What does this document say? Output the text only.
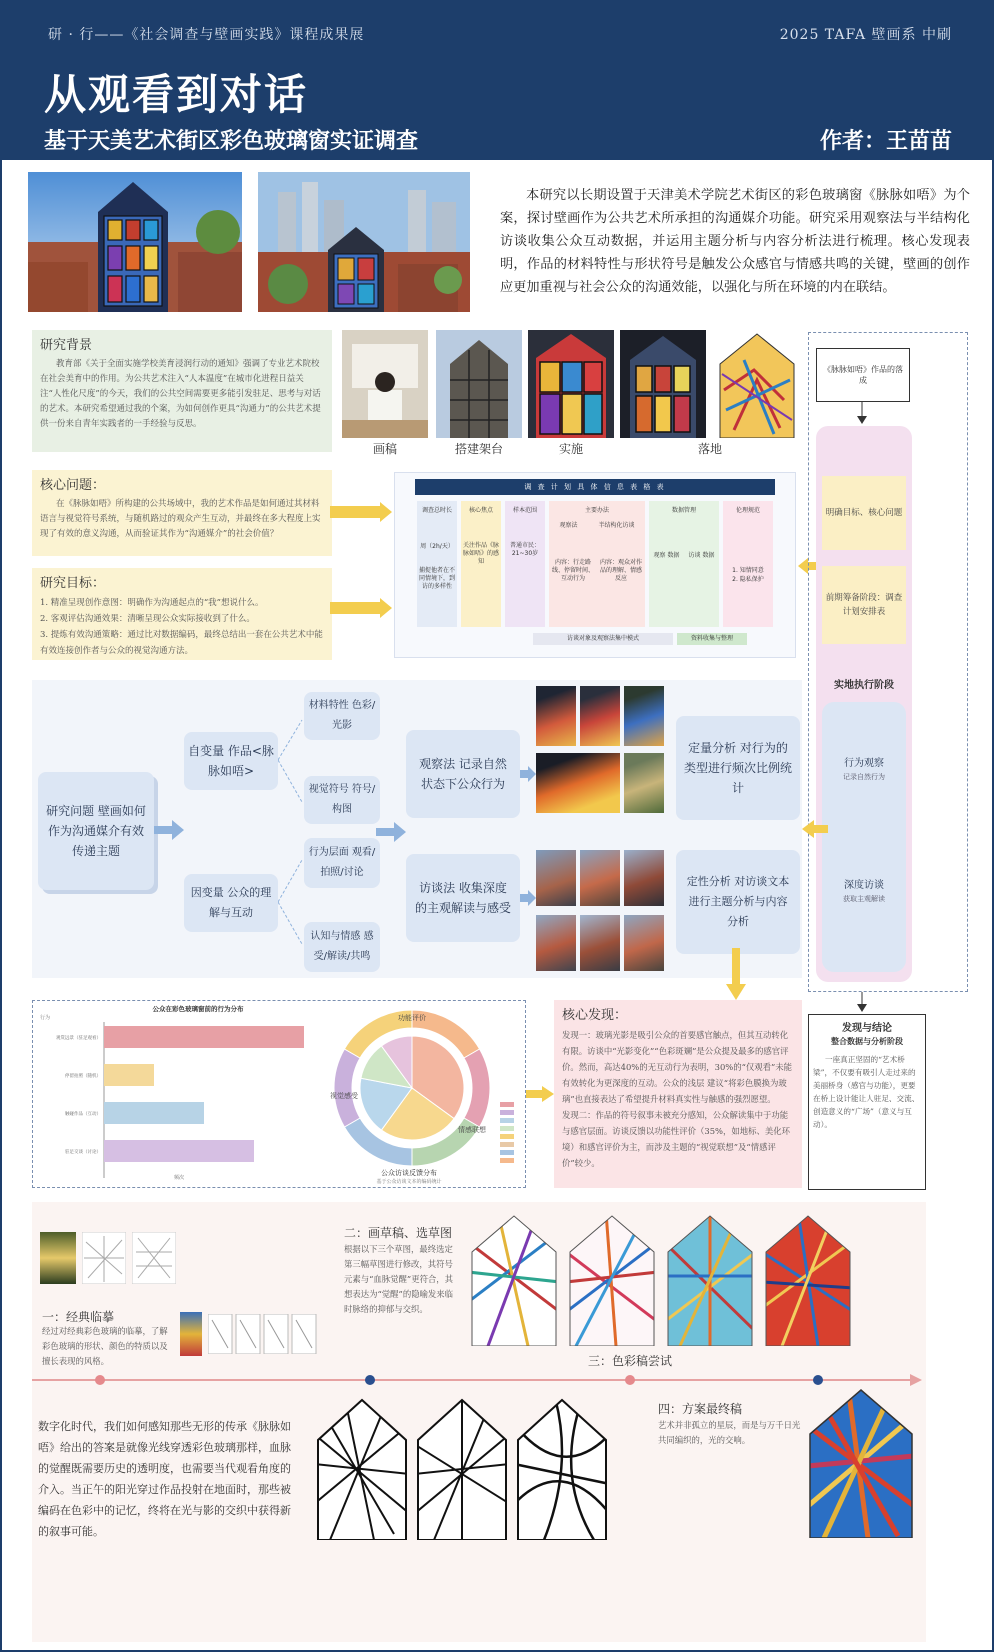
研 · 行——《社会调查与壁画实践》课程成果展	2025 TAFA 壁画系 中刷
从观看到对话
基于天美艺术街区彩色玻璃窗实证调查	作者：王苗苗
本研究以长期设置于天津美术学院艺术街区的彩色玻璃窗《脉脉如唔》为个案，探讨壁画作为公共艺术所承担的沟通媒介功能。研究采用观察法与半结构化访谈收集公众互动数据，并运用主题分析与内容分析法进行梳理。核心发现表明，作品的材料特性与形状符号是触发公众感官与情感共鸣的关键，壁画的创作应更加重视与社会公众的沟通效能，以强化与所在环境的内在联结。
研究背景
教育部《关于全面实施学校美育浸润行动的通知》强调了专业艺术院校在社会美育中的作用。为公共艺术注入“人本温度”在城市化进程日益关注“人性化尺度”的今天，我们的公共空间需要更多能引发驻足、思考与对话的艺术。本研究希望通过我的个案，为如何创作更具“沟通力”的公共艺术提供一份来自青年实践者的一手经验与反思。
画稿	搭建架台	实施	落地
核心问题：
在《脉脉如唔》所构建的公共场域中，我的艺术作品是如何通过其材料语言与视觉符号系统，与随机路过的观众产生互动，并最终在多大程度上实现了有效的意义沟通，从而验证其作为“沟通媒介”的社会价值？
研究目标：
1. 精准呈现创作意图：明确作为沟通起点的“我”想说什么。
2. 客观评估沟通效果：清晰呈现公众实际接收到了什么。
3. 提炼有效沟通策略：通过比对数据编码，最终总结出一套在公共艺术中能有效连接创作者与公众的视觉沟通方法。
调 查 计 划 具 体 信 息 表 格 表
调查总时长
周（2h/天）
捕捉他者在不同情境下，到访的多样性
核心焦点
关注作品《脉脉如唔》的感知
样本范围
普通市民：21~30岁
主要办法
观察法	半结构化访谈
内容：行走路线、停留时间、互动行为
内容：观众对作品的理解、情感反应
数据管理
观察 数据 访谈 数据
伦理规范
1. 知情同意
2. 隐私保护
访谈对象及观察法集中模式	资料收集与整理
《脉脉如唔》作品的落成
明确目标、核心问题
前期筹备阶段：调查计划安排表
实地执行阶段
行为观察
记录自然行为
深度访谈
获取主观解读
发现与结论
整合数据与分析阶段
一座真正坚固的“艺术桥梁”，不仅要有吸引人走过来的美丽桥身（感官与功能），更要在桥上设计能让人驻足、交流、创造意义的“广场”（意义与互动）。
研究问题 壁画如何作为沟通媒介有效传递主题
自变量 作品<脉脉如唔>
因变量 公众的理解与互动
材料特性 色彩/光影
视觉符号 符号/构图
行为层面 观看/拍照/讨论
认知与情感 感受/解读/共鸣
观察法 记录自然状态下公众行为
访谈法 收集深度的主观解读与感受
定量分析 对行为的类型进行频次比例统计
定性分析 对访谈文本进行主题分析与内容分析
公众在彩色玻璃窗前的行为分布
行为
观赏远景（驻足观看）
停留拍照（随机）
触碰作品（互动）
驻足交谈（讨论）
频次
功能评价
视觉感受
情感联想
公众访谈反馈分布
基于公众访谈文本的编码统计
核心发现：
发现一：玻璃光影是吸引公众的首要感官触点，但其互动转化有限。访谈中“光影变化”“色彩斑斓”是公众提及最多的感官评价。然而，高达40%的无互动行为表明，30%的“仅观看”未能有效转化为更深度的互动。公众的浅层 建议“将彩色膜换为玻璃”也直接表达了希望提升材料真实性与触感的强烈愿望。
发现二：作品的符号叙事未被充分感知，公众解读集中于功能与感官层面。访谈反馈以功能性评价（35%，如地标、美化环境）和感官评价为主，而涉及主题的“视觉联想”及“情感评价”较少。
一：经典临摹
经过对经典彩色玻璃的临摹，了解彩色玻璃的形状、颜色的特质以及擅长表现的风格。
二：画草稿、选草图
根据以下三个草图，最终选定第三幅草图进行修改，其符号元素与“血脉觉醒”更符合，其想表达为“觉醒”的隐喻发来临时脉络的抑郁与交织。
三：色彩稿尝试
数字化时代，我们如何感知那些无形的传承《脉脉如唔》给出的答案是就像光线穿透彩色玻璃那样，血脉的觉醒既需要历史的透明度，也需要当代观看角度的介入。当正午的阳光穿过作品投射在地面时，那些被编码在色彩中的记忆，终将在光与影的交织中获得新的叙事可能。
四：方案最终稿
艺术并非孤立的星辰，而是与万千日光共同编织的，光的交响。
